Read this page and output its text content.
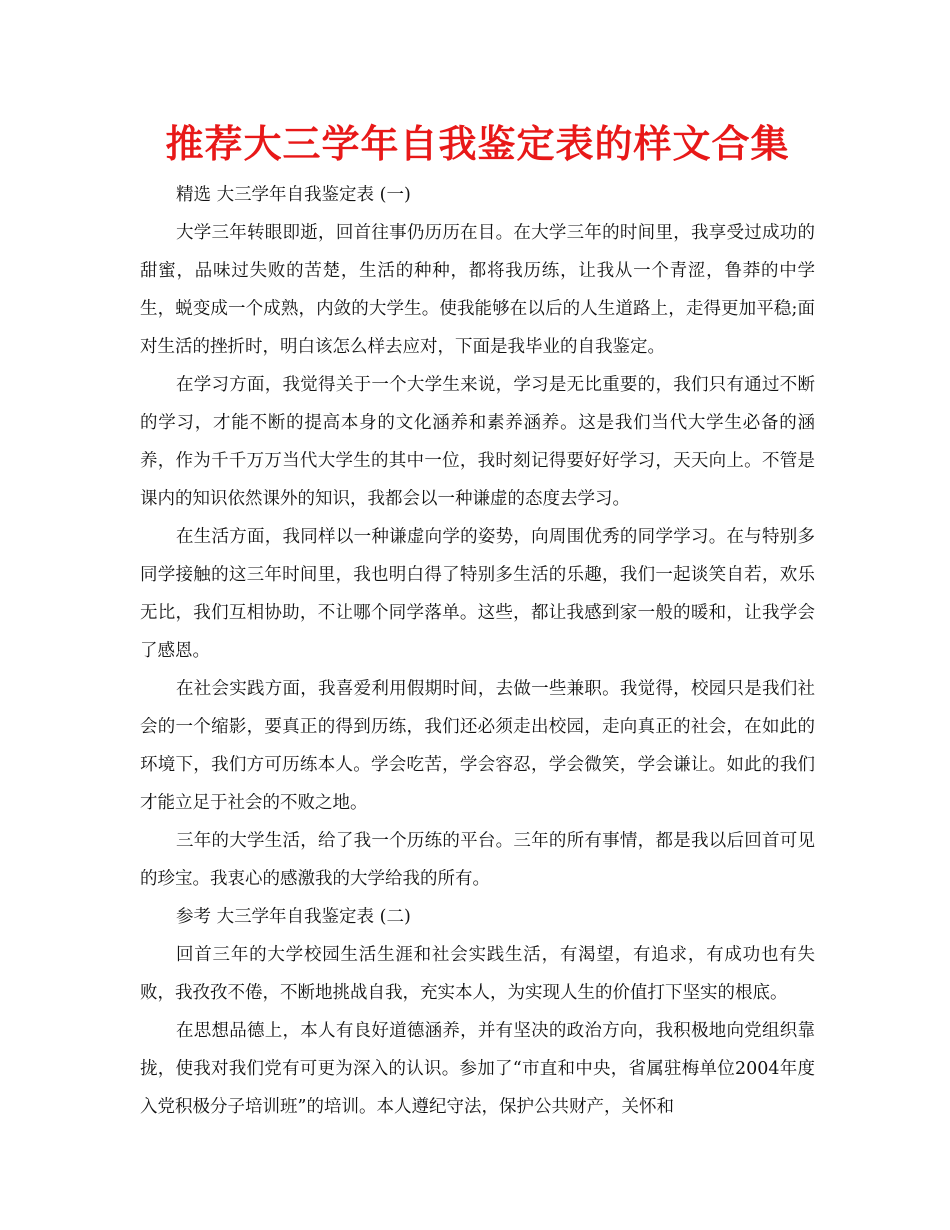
推荐大三学年自我鉴定表的样文合集

精选 大三学年自我鉴定表 (一)

大学三年转眼即逝，回首往事仍历历在目。在大学三年的时间里，我享受过成功的甜蜜，品味过失败的苦楚，生活的种种，都将我历练，让我从一个青涩，鲁莽的中学生，蜕变成一个成熟，内敛的大学生。使我能够在以后的人生道路上，走得更加平稳;面对生活的挫折时，明白该怎么样去应对，下面是我毕业的自我鉴定。

在学习方面，我觉得关于一个大学生来说，学习是无比重要的，我们只有通过不断的学习，才能不断的提高本身的文化涵养和素养涵养。这是我们当代大学生必备的涵养，作为千千万万当代大学生的其中一位，我时刻记得要好好学习，天天向上。不管是课内的知识依然课外的知识，我都会以一种谦虚的态度去学习。

在生活方面，我同样以一种谦虚向学的姿势，向周围优秀的同学学习。在与特别多同学接触的这三年时间里，我也明白得了特别多生活的乐趣，我们一起谈笑自若，欢乐无比，我们互相协助，不让哪个同学落单。这些，都让我感到家一般的暖和，让我学会了感恩。

在社会实践方面，我喜爱利用假期时间，去做一些兼职。我觉得，校园只是我们社会的一个缩影，要真正的得到历练，我们还必须走出校园，走向真正的社会，在如此的环境下，我们方可历练本人。学会吃苦，学会容忍，学会微笑，学会谦让。如此的我们才能立足于社会的不败之地。

三年的大学生活，给了我一个历练的平台。三年的所有事情，都是我以后回首可见的珍宝。我衷心的感激我的大学给我的所有。

参考 大三学年自我鉴定表 (二)

回首三年的大学校园生活生涯和社会实践生活，有渴望，有追求，有成功也有失败，我孜孜不倦，不断地挑战自我，充实本人，为实现人生的价值打下坚实的根底。

在思想品德上，本人有良好道德涵养，并有坚决的政治方向，我积极地向党组织靠拢，使我对我们党有可更为深入的认识。参加了“市直和中央，省属驻梅单位2004年度入党积极分子培训班”的培训。本人遵纪守法，保护公共财产，关怀和
